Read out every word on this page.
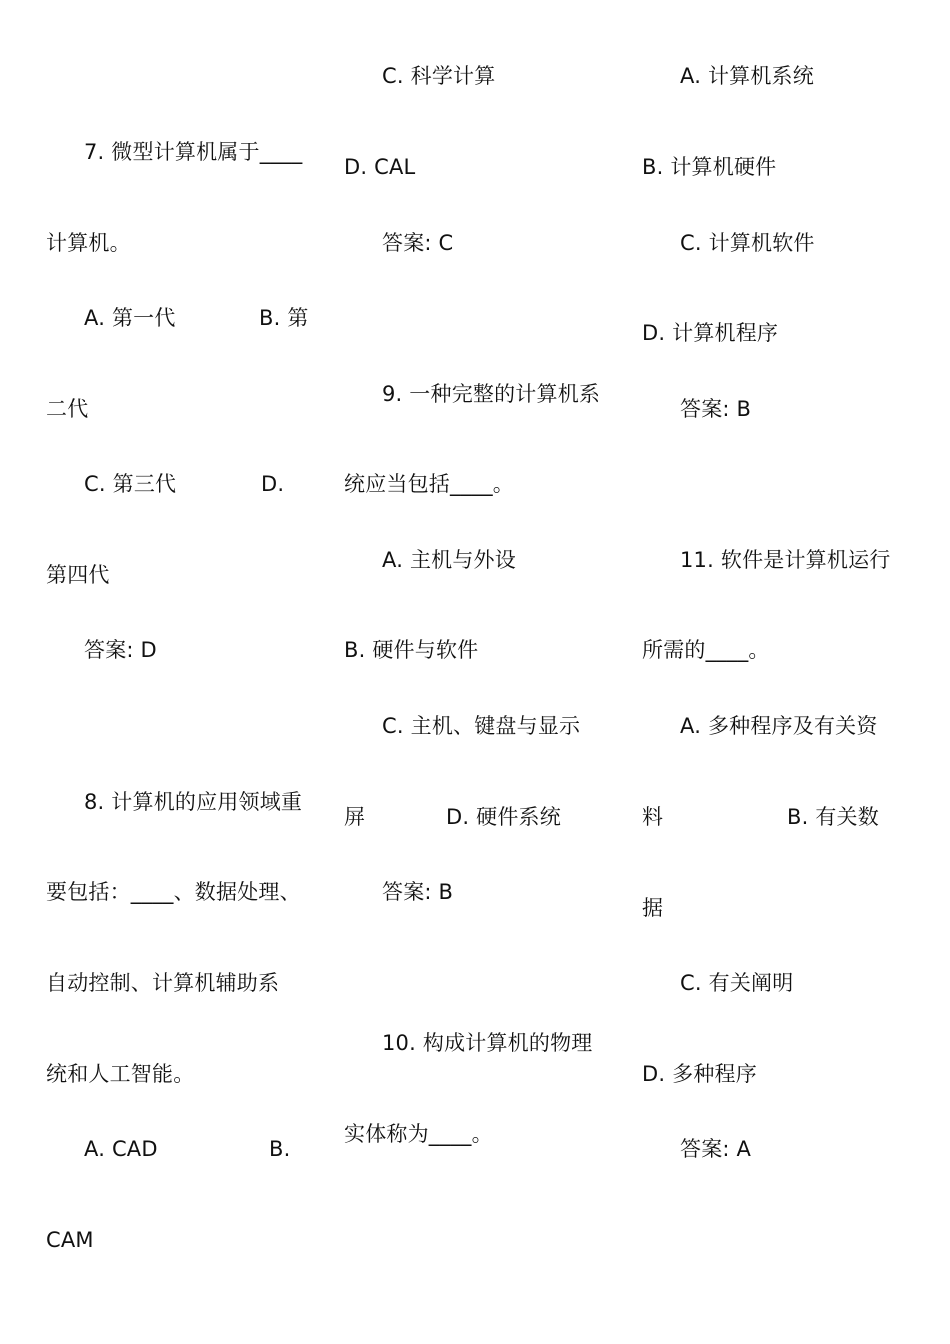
7. 微型计算机属于____
计算机。
A. 第一代	B. 第
二代
C. 第三代	D.
第四代
答案: D
8. 计算机的应用领域重
要包括：____、数据处理、
自动控制、计算机辅助系
统和人工智能。
A. CAD	B.
CAM
C. 科学计算
D. CAL
答案: C
9. 一种完整的计算机系
统应当包括____。
A. 主机与外设
B. 硬件与软件
C. 主机、键盘与显示
屏	D. 硬件系统
答案: B
10. 构成计算机的物理
实体称为____。
A. 计算机系统
B. 计算机硬件
C. 计算机软件
D. 计算机程序
答案: B
11. 软件是计算机运行
所需的____。
A. 多种程序及有关资
料	B. 有关数
据
C. 有关阐明
D. 多种程序
答案: A
